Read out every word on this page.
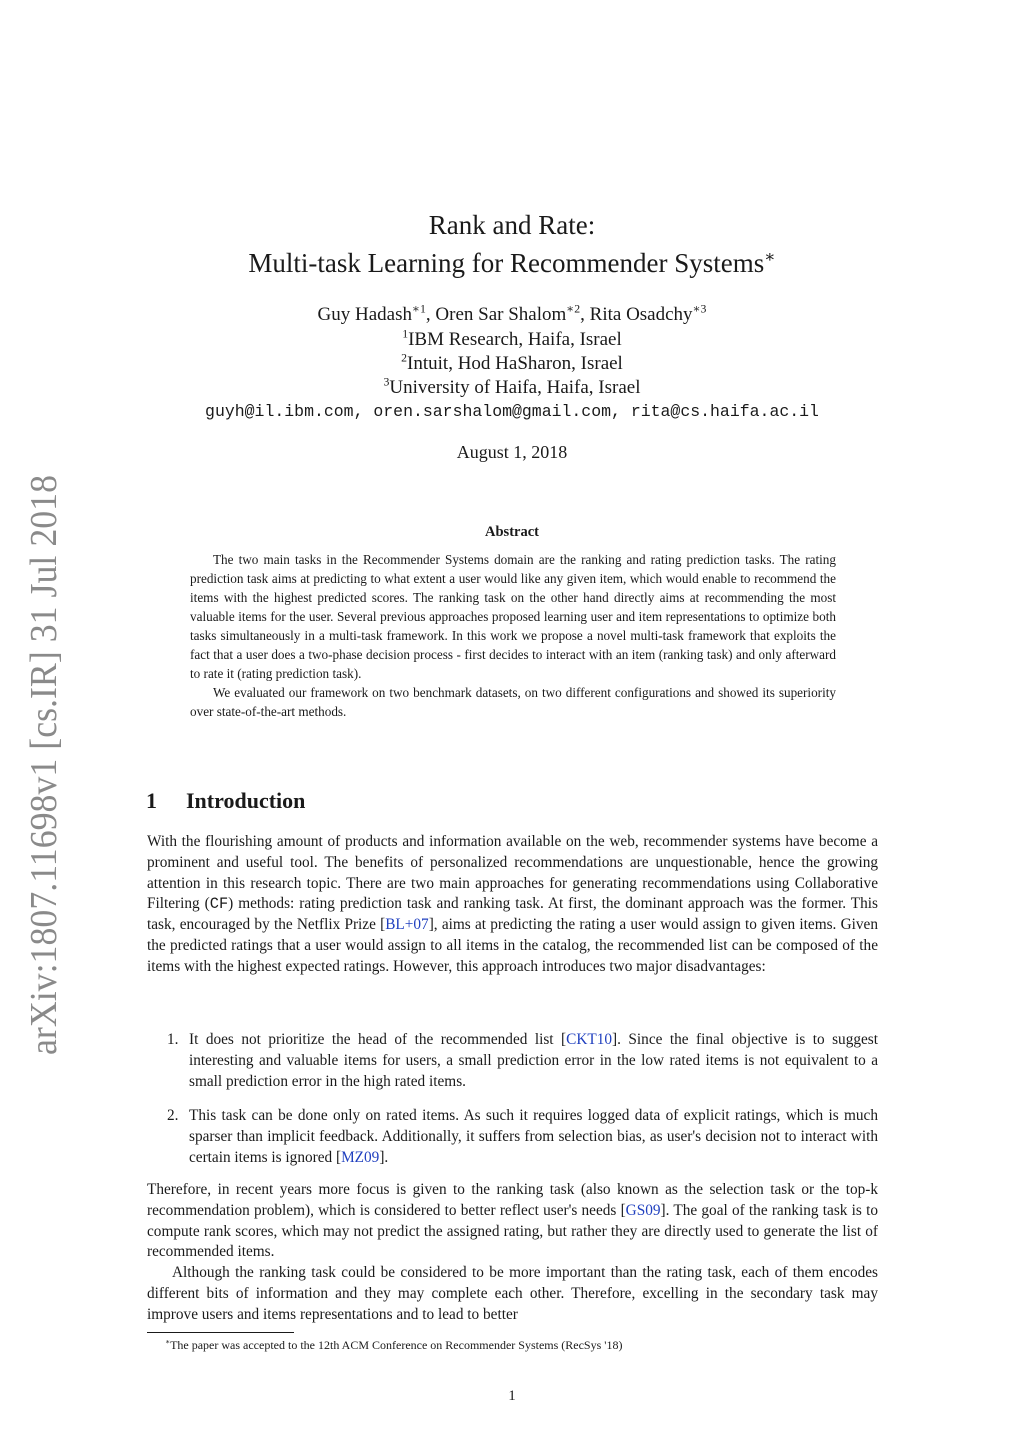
arXiv:1807.11698v1 [cs.IR] 31 Jul 2018
Rank and Rate:
Multi-task Learning for Recommender Systems∗
Guy Hadash$^{∗1}$, Oren Sar Shalom$^{∗2}$, Rita Osadchy$^{∗3}$
$^1$IBM Research, Haifa, Israel
$^2$Intuit, Hod HaSharon, Israel
$^3$University of Haifa, Haifa, Israel
guyh@il.ibm.com, oren.sarshalom@gmail.com, rita@cs.haifa.ac.il
August 1, 2018
Abstract

The two main tasks in the Recommender Systems domain are the ranking and rating prediction tasks. The rating prediction task aims at predicting to what extent a user would like any given item, which would enable to recommend the items with the highest predicted scores. The ranking task on the other hand directly aims at recommending the most valuable items for the user. Several previous approaches proposed learning user and item representations to optimize both tasks simultaneously in a multi-task framework. In this work we propose a novel multi-task framework that exploits the fact that a user does a two-phase decision process - first decides to interact with an item (ranking task) and only afterward to rate it (rating prediction task).

We evaluated our framework on two benchmark datasets, on two different configurations and showed its superiority over state-of-the-art methods.

1 Introduction

With the flourishing amount of products and information available on the web, recommender systems have become a prominent and useful tool. The benefits of personalized recommendations are unquestionable, hence the growing attention in this research topic. There are two main approaches for generating recommendations using Collaborative Filtering (CF) methods: rating prediction task and ranking task. At first, the dominant approach was the former. This task, encouraged by the Netflix Prize [BL+07], aims at predicting the rating a user would assign to given items. Given the predicted ratings that a user would assign to all items in the catalog, the recommended list can be composed of the items with the highest expected ratings. However, this approach introduces two major disadvantages:

1. It does not prioritize the head of the recommended list [CKT10]. Since the final objective is to suggest interesting and valuable items for users, a small prediction error in the low rated items is not equivalent to a small prediction error in the high rated items.
2. This task can be done only on rated items. As such it requires logged data of explicit ratings, which is much sparser than implicit feedback. Additionally, it suffers from selection bias, as user's decision not to interact with certain items is ignored [MZ09].

Therefore, in recent years more focus is given to the ranking task (also known as the selection task or the top-k recommendation problem), which is considered to better reflect user's needs [GS09]. The goal of the ranking task is to compute rank scores, which may not predict the assigned rating, but rather they are directly used to generate the list of recommended items.

Although the ranking task could be considered to be more important than the rating task, each of them encodes different bits of information and they may complete each other. Therefore, excelling in the secondary task may improve users and items representations and to lead to better

∗The paper was accepted to the 12th ACM Conference on Recommender Systems (RecSys '18)
1
